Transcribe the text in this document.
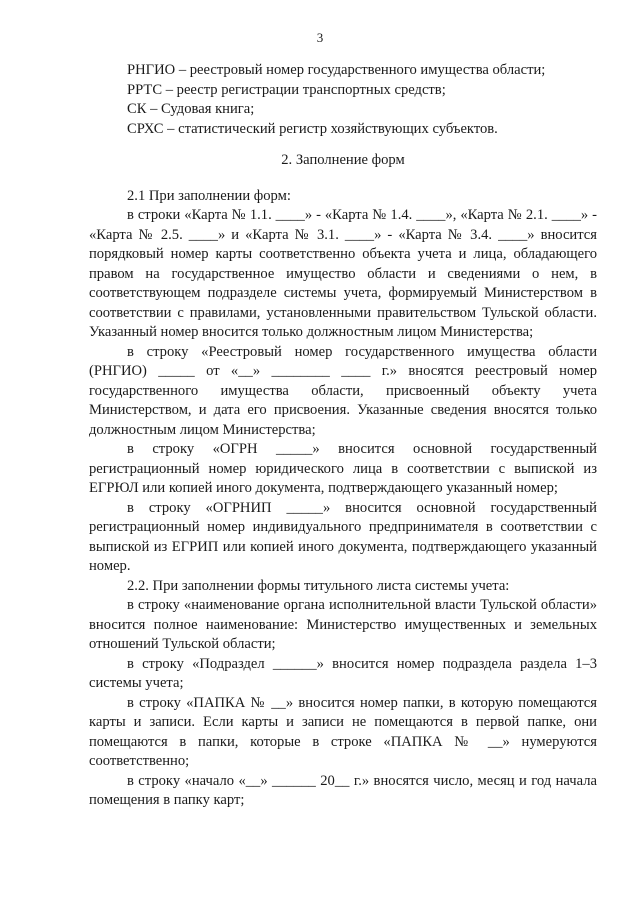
3

РНГИО – реестровый номер государственного имущества области;

РРТС – реестр регистрации транспортных средств;

СК – Судовая книга;

СРХС – статистический регистр хозяйствующих субъектов.

2. Заполнение форм

2.1 При заполнении форм:

в строки «Карта № 1.1. ____» - «Карта № 1.4. ____», «Карта № 2.1. ____» - «Карта № 2.5. ____» и «Карта № 3.1. ____» - «Карта № 3.4. ____» вносится порядковый номер карты соответственно объекта учета и лица, обладающего правом на государственное имущество области и сведениями о нем, в соответствующем подразделе системы учета, формируемый Министерством в соответствии с правилами, установленными правительством Тульской области. Указанный номер вносится только должностным лицом Министерства;

в строку «Реестровый номер государственного имущества области (РНГИО) _____ от «__» ________ ____ г.» вносятся реестровый номер государственного имущества области, присвоенный объекту учета Министерством, и дата его присвоения. Указанные сведения вносятся только должностным лицом Министерства;

в строку «ОГРН _____» вносится основной государственный регистрационный номер юридического лица в соответствии с выпиской из ЕГРЮЛ или копией иного документа, подтверждающего указанный номер;

в строку «ОГРНИП _____» вносится основной государственный регистрационный номер индивидуального предпринимателя в соответствии с выпиской из ЕГРИП или копией иного документа, подтверждающего указанный номер.

2.2. При заполнении формы титульного листа системы учета:

в строку «наименование органа исполнительной власти Тульской области» вносится полное наименование: Министерство имущественных и земельных отношений Тульской области;

в строку «Подраздел ______» вносится номер подраздела раздела 1–3 системы учета;

в строку «ПАПКА № __» вносится номер папки, в которую помещаются карты и записи. Если карты и записи не помещаются в первой папке, они помещаются в папки, которые в строке «ПАПКА № __» нумеруются соответственно;

в строку «начало «__» ______ 20__ г.» вносятся число, месяц и год начала помещения в папку карт;
